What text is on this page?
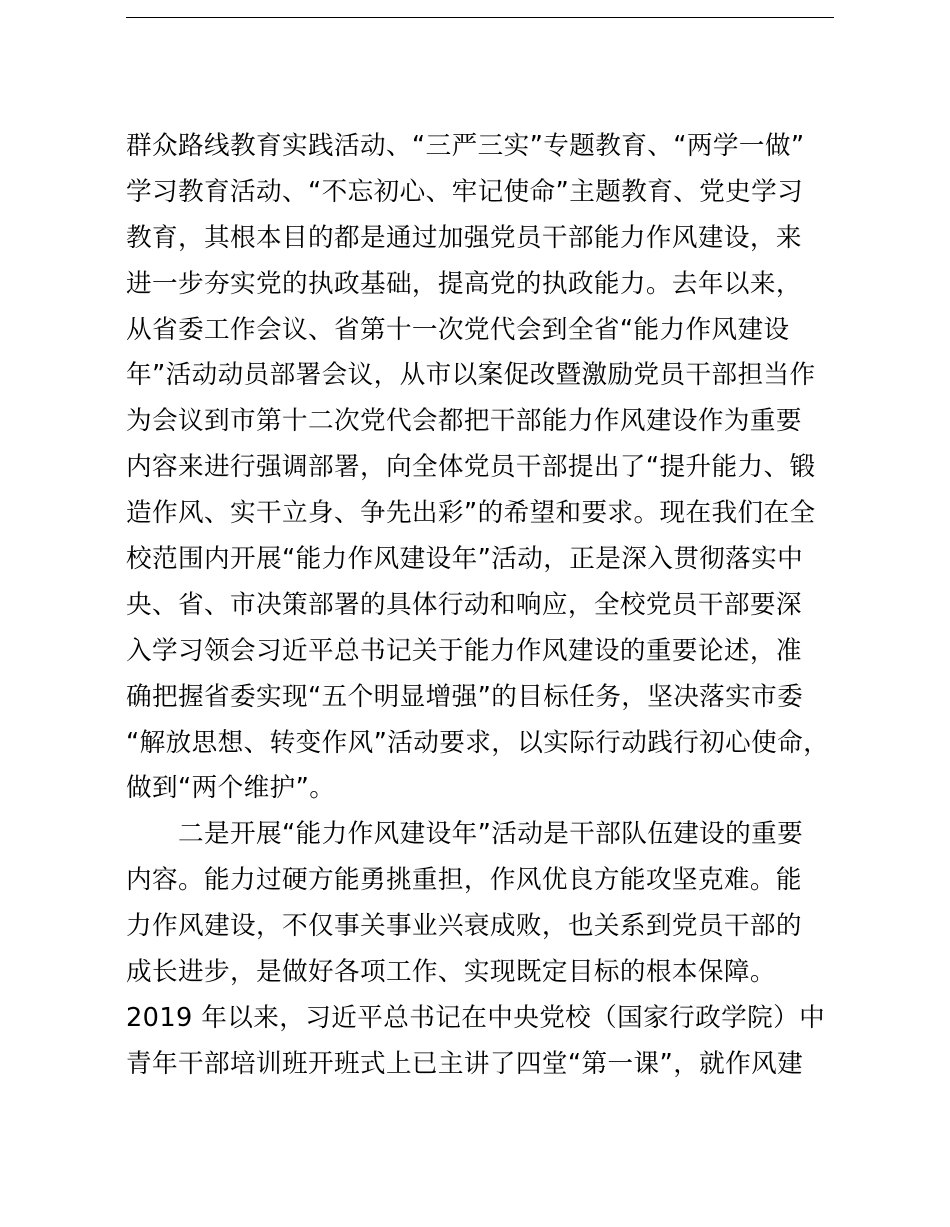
群众路线教育实践活动、“三严三实”专题教育、“两学一做”
学习教育活动、“不忘初心、牢记使命”主题教育、党史学习
教育，其根本目的都是通过加强党员干部能力作风建设，来
进一步夯实党的执政基础，提高党的执政能力。去年以来，
从省委工作会议、省第十一次党代会到全省“能力作风建设
年”活动动员部署会议，从市以案促改暨激励党员干部担当作
为会议到市第十二次党代会都把干部能力作风建设作为重要
内容来进行强调部署，向全体党员干部提出了“提升能力、锻
造作风、实干立身、争先出彩”的希望和要求。现在我们在全
校范围内开展“能力作风建设年”活动，正是深入贯彻落实中
央、省、市决策部署的具体行动和响应，全校党员干部要深
入学习领会习近平总书记关于能力作风建设的重要论述，准
确把握省委实现“五个明显增强”的目标任务，坚决落实市委
“解放思想、转变作风”活动要求，以实际行动践行初心使命，
做到“两个维护”。
　　二是开展“能力作风建设年”活动是干部队伍建设的重要
内容。能力过硬方能勇挑重担，作风优良方能攻坚克难。能
力作风建设，不仅事关事业兴衰成败，也关系到党员干部的
成长进步，是做好各项工作、实现既定目标的根本保障。
2019 年以来，习近平总书记在中央党校（国家行政学院）中
青年干部培训班开班式上已主讲了四堂“第一课”，就作风建
